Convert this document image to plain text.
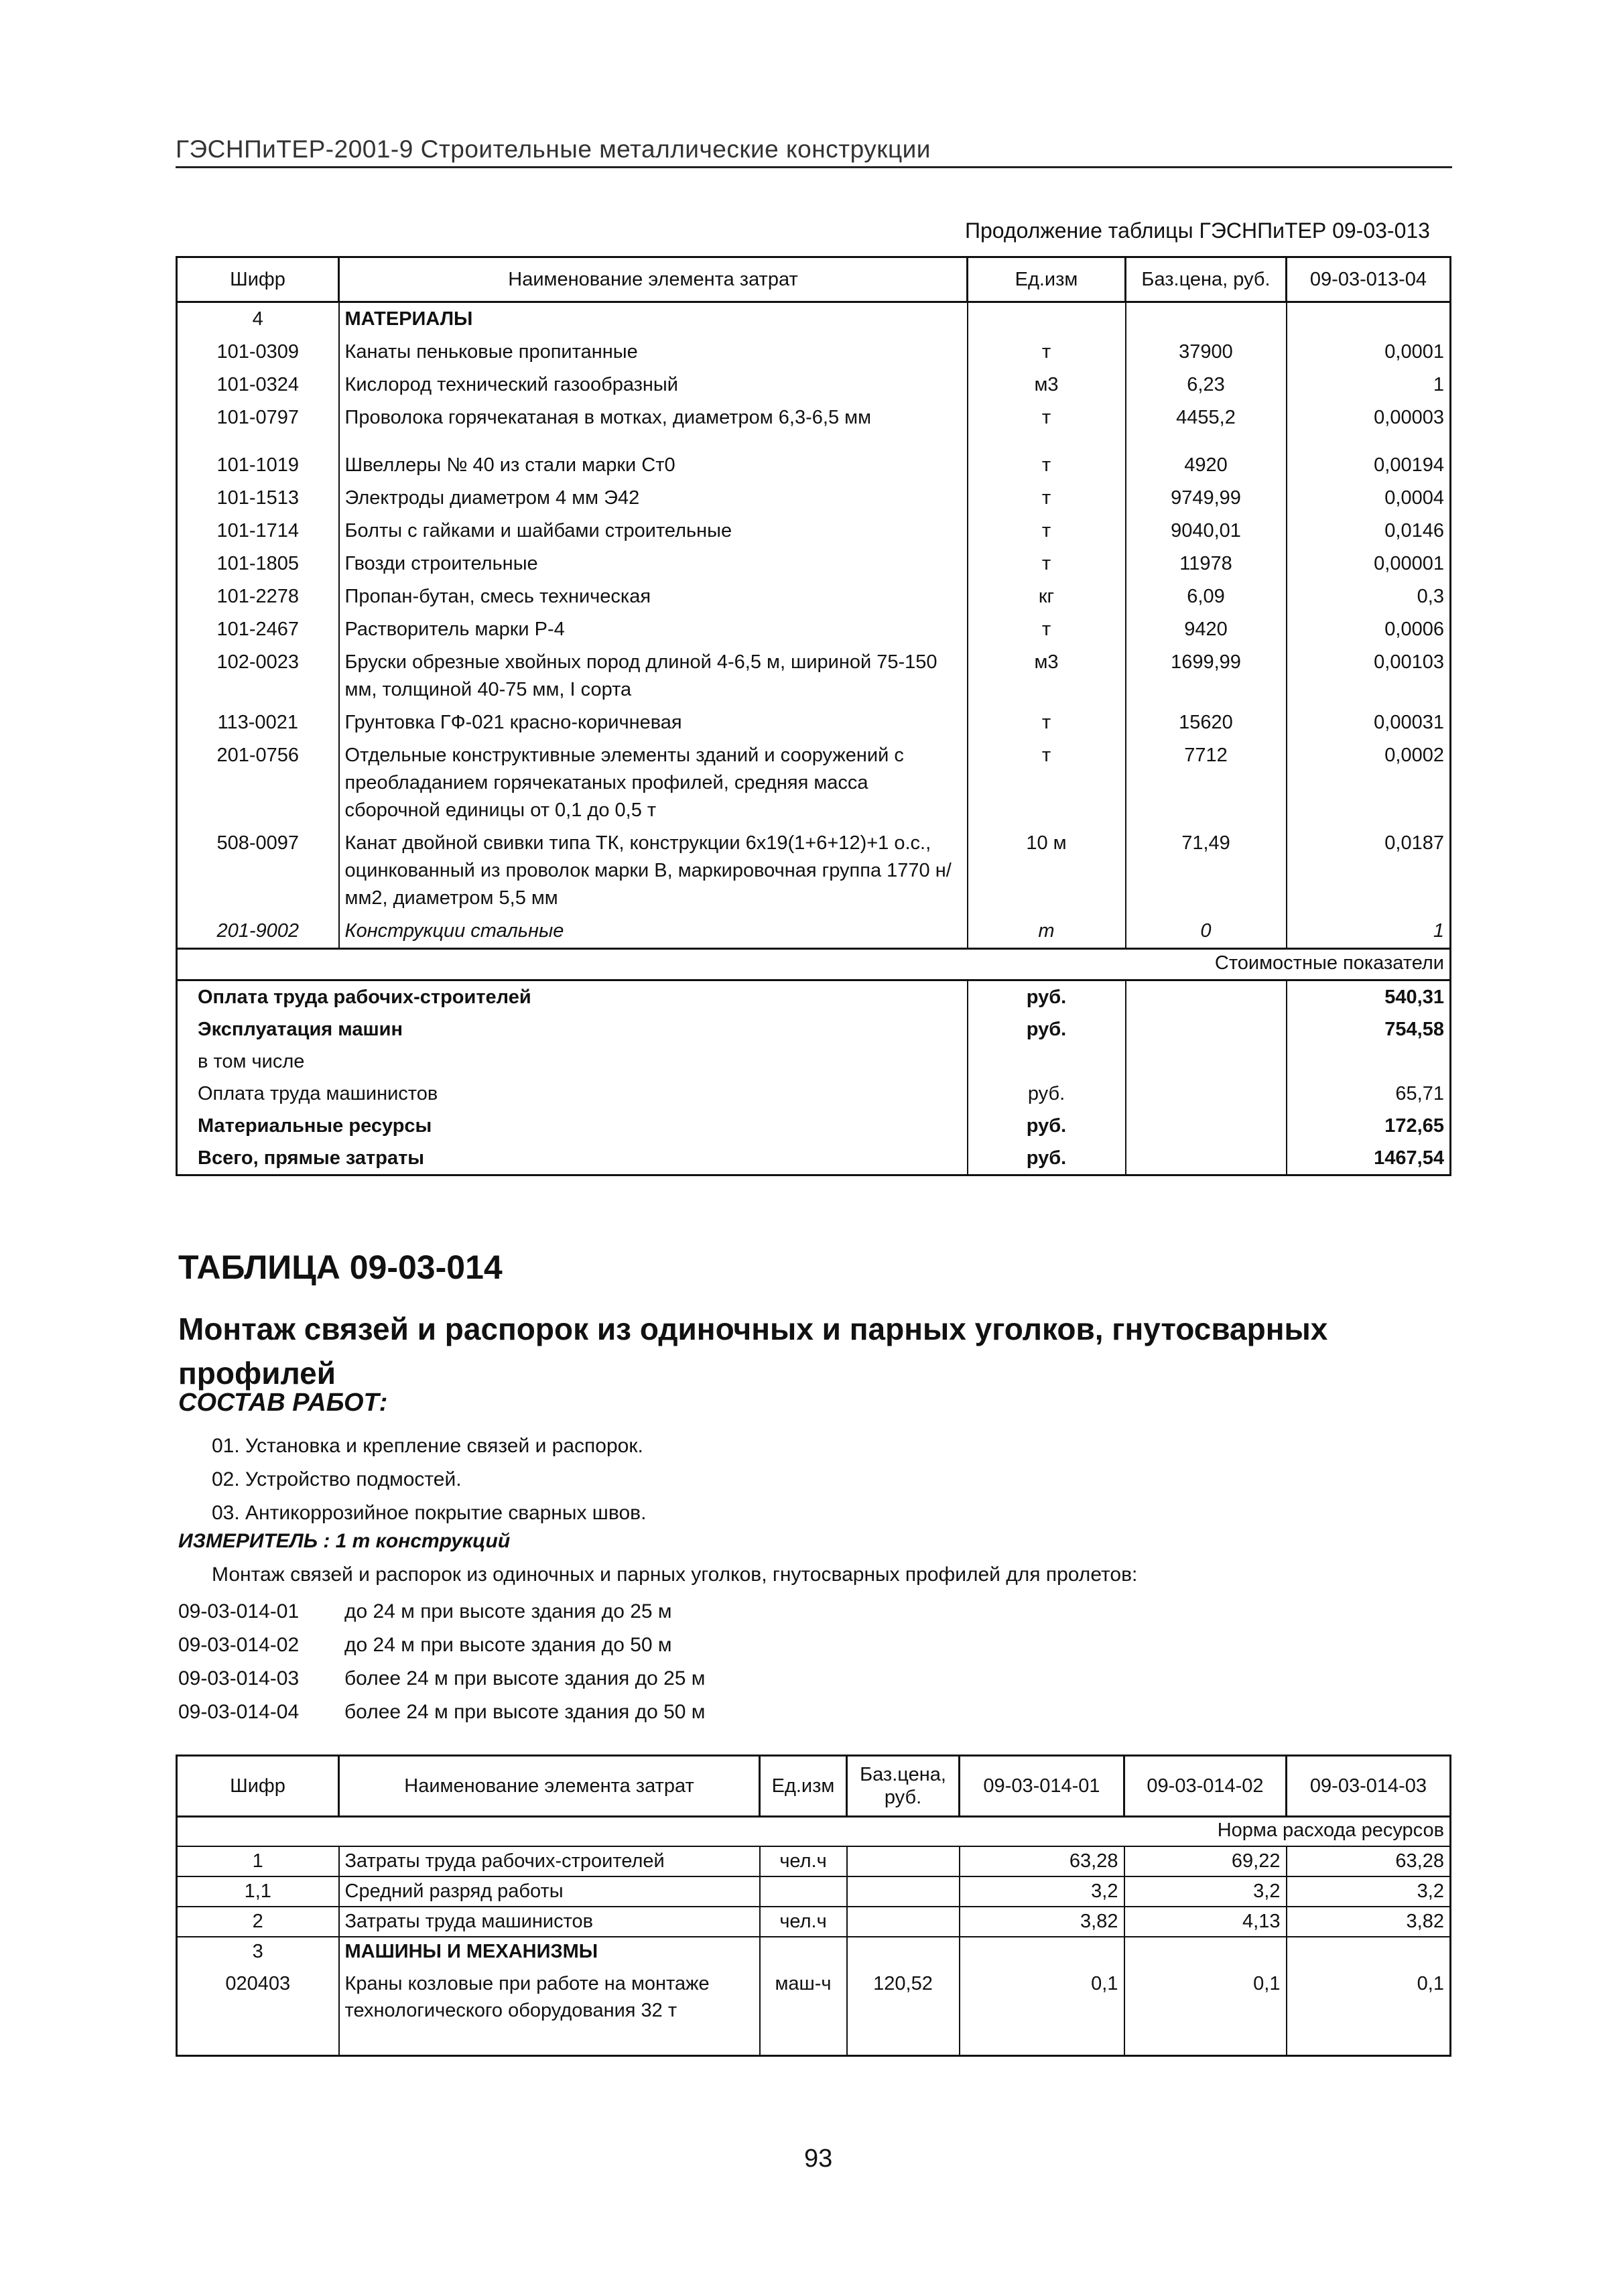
ГЭСНПиТЕР-2001-9 Строительные металлические конструкции
Продолжение таблицы ГЭСНПиТЕР 09-03-013
Шифр	Наименование элемента затрат	Ед.изм	Баз.цена, руб.	09-03-013-04
4	МАТЕРИАЛЫ			
101-0309	Канаты пеньковые пропитанные	т	37900	0,0001
101-0324	Кислород технический газообразный	м3	6,23	1
101-0797	Проволока горячекатаная в мотках, диаметром 6,3-6,5 мм	т	4455,2	0,00003

101-1019	Швеллеры № 40 из стали марки Ст0	т	4920	0,00194
101-1513	Электроды диаметром 4 мм Э42	т	9749,99	0,0004
101-1714	Болты с гайками и шайбами строительные	т	9040,01	0,0146
101-1805	Гвозди строительные	т	11978	0,00001
101-2278	Пропан-бутан, смесь техническая	кг	6,09	0,3
101-2467	Растворитель марки Р-4	т	9420	0,0006
102-0023	Бруски обрезные хвойных пород длиной 4-6,5 м, шириной 75-150 мм, толщиной 40-75 мм, I сорта	м3	1699,99	0,00103
113-0021	Грунтовка ГФ-021 красно-коричневая	т	15620	0,00031
201-0756	Отдельные конструктивные элементы зданий и сооружений с преобладанием горячекатаных профилей, средняя масса сборочной единицы от 0,1 до 0,5 т	т	7712	0,0002
508-0097	Канат двойной свивки типа ТК, конструкции 6х19(1+6+12)+1 о.с., оцинкованный из проволок марки В, маркировочная группа 1770 н/мм2, диаметром 5,5 мм	10 м	71,49	0,0187
201-9002	Конструкции стальные	т	0	1
Стоимостные показатели				
Оплата труда рабочих-строителей		руб.		540,31
Эксплуатация машин		руб.		754,58
в том числе				
Оплата труда машинистов		руб.		65,71
Материальные ресурсы		руб.		172,65
Всего, прямые затраты		руб.		1467,54
ТАБЛИЦА 09-03-014
Монтаж связей и распорок из одиночных и парных уголков, гнутосварных профилей
СОСТАВ РАБОТ:
01. Установка и крепление связей и распорок.
02. Устройство подмостей.
03. Антикоррозийное покрытие сварных швов.
ИЗМЕРИТЕЛЬ : 1 т конструкций
Монтаж связей и распорок из одиночных и парных уголков, гнутосварных профилей для пролетов:
09-03-014-01	до 24 м при высоте здания до 25 м
09-03-014-02	до 24 м при высоте здания до 50 м
09-03-014-03	более 24 м при высоте здания до 25 м
09-03-014-04	более 24 м при высоте здания до 50 м
Шифр	Наименование элемента затрат	Ед.изм	Баз.цена, руб.	09-03-014-01	09-03-014-02	09-03-014-03
Норма расхода ресурсов						
1	Затраты труда рабочих-строителей	чел.ч		63,28	69,22	63,28
1,1	Средний разряд работы			3,2	3,2	3,2
2	Затраты труда машинистов	чел.ч		3,82	4,13	3,82
3	МАШИНЫ И МЕХАНИЗМЫ					
020403	Краны козловые при работе на монтаже технологического оборудования 32 т	маш-ч	120,52	0,1	0,1	0,1
93
